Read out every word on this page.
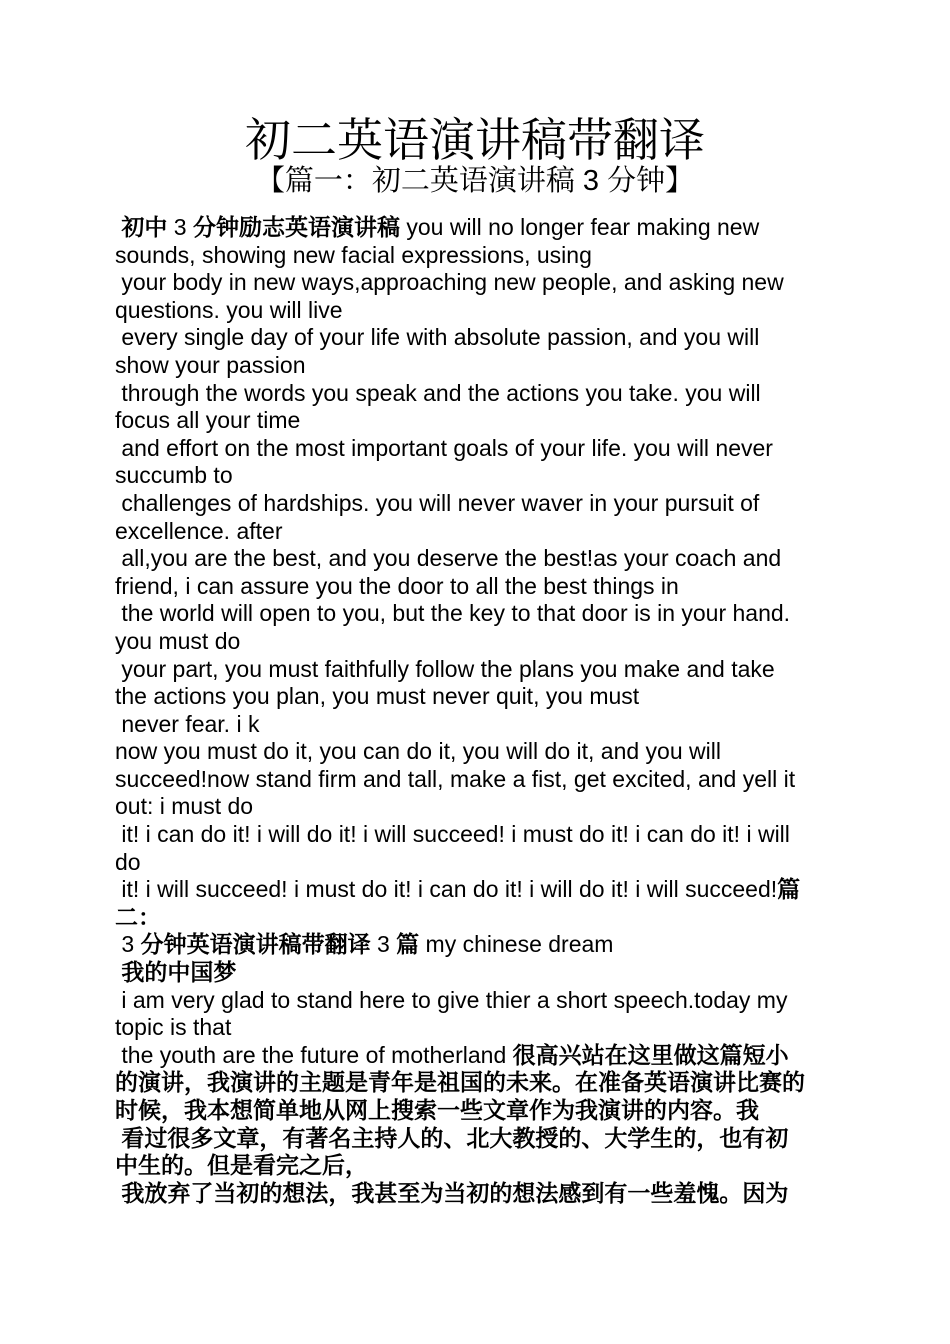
初二英语演讲稿带翻译
【篇一：初二英语演讲稿 3 分钟】
初中 3 分钟励志英语演讲稿 you will no longer fear making new
sounds, showing new facial expressions, using
your body in new ways,approaching new people, and asking new
questions. you will live
every single day of your life with absolute passion, and you will
show your passion
through the words you speak and the actions you take. you will
focus all your time
and effort on the most important goals of your life. you will never
succumb to
challenges of hardships. you will never waver in your pursuit of
excellence. after
all,you are the best, and you deserve the best!as your coach and
friend, i can assure you the door to all the best things in
the world will open to you, but the key to that door is in your hand.
you must do
your part, you must faithfully follow the plans you make and take
the actions you plan, you must never quit, you must
never fear. i k
now you must do it, you can do it, you will do it, and you will
succeed!now stand firm and tall, make a fist, get excited, and yell it
out: i must do
it! i can do it! i will do it! i will succeed! i must do it! i can do it! i will
do
it! i will succeed! i must do it! i can do it! i will do it! i will succeed!篇
二：
3 分钟英语演讲稿带翻译 3 篇 my chinese dream
我的中国梦
i am very glad to stand here to give thier a short speech.today my
topic is that
the youth are the future of motherland 很高兴站在这里做这篇短小
的演讲，我演讲的主题是青年是祖国的未来。在准备英语演讲比赛的
时候，我本想简单地从网上搜索一些文章作为我演讲的内容。我
看过很多文章，有著名主持人的、北大教授的、大学生的，也有初
中生的。但是看完之后，
我放弃了当初的想法，我甚至为当初的想法感到有一些羞愧。因为
